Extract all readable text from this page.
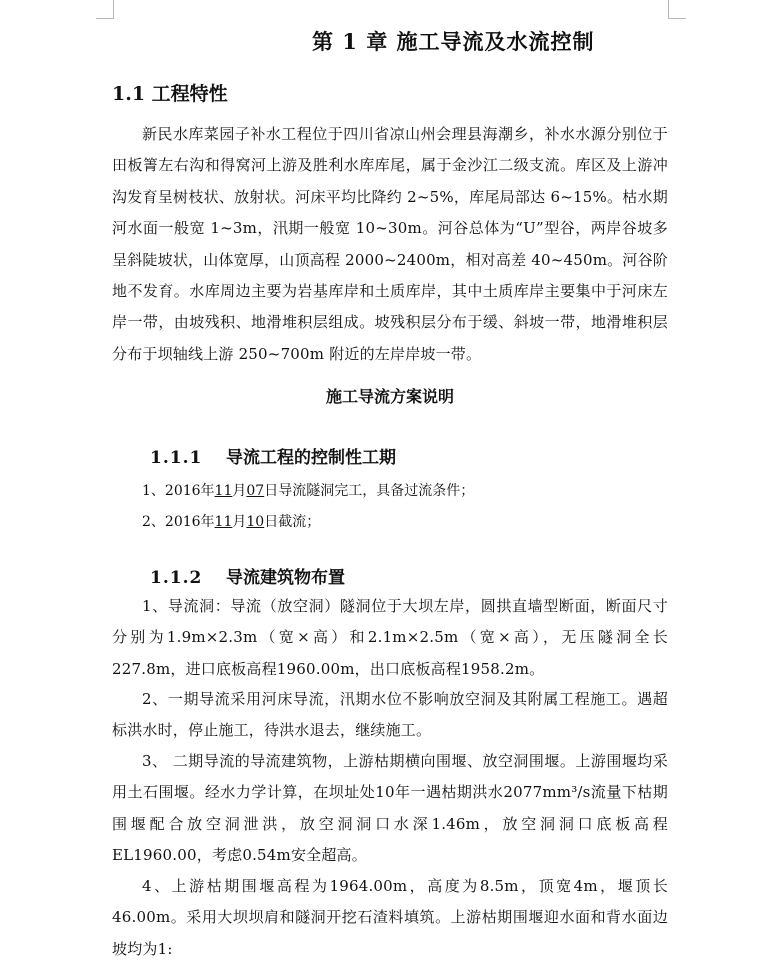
第 1 章 施工导流及水流控制
1.1 工程特性

新民水库菜园子补水工程位于四川省凉山州会理县海潮乡，补水水源分别位于田板箐左右沟和得窝河上游及胜利水库库尾，属于金沙江二级支流。库区及上游冲沟发育呈树枝状、放射状。河床平均比降约 2~5%，库尾局部达 6~15%。枯水期河水面一般宽 1~3m，汛期一般宽 10~30m。河谷总体为“U”型谷，两岸谷坡多呈斜陡坡状，山体宽厚，山顶高程 2000~2400m，相对高差 40~450m。河谷阶地不发育。水库周边主要为岩基库岸和土质库岸，其中土质库岸主要集中于河床左岸一带，由坡残积、地滑堆积层组成。坡残积层分布于缓、斜坡一带，地滑堆积层分布于坝轴线上游 250~700m 附近的左岸岸坡一带。

施工导流方案说明
1.1.1 导流工程的控制性工期

1、2016年11月07日导流隧洞完工，具备过流条件；

2、2016年11月10日截流；

1.1.2 导流建筑物布置

1、导流洞：导流（放空洞）隧洞位于大坝左岸，圆拱直墙型断面，断面尺寸分别为1.9m×2.3m（宽×高）和2.1m×2.5m（宽×高），无压隧洞全长227.8m，进口底板高程1960.00m，出口底板高程1958.2m。

2、一期导流采用河床导流，汛期水位不影响放空洞及其附属工程施工。遇超标洪水时，停止施工，待洪水退去，继续施工。

3、 二期导流的导流建筑物，上游枯期横向围堰、放空洞围堰。上游围堰均采用土石围堰。经水力学计算，在坝址处10年一遇枯期洪水2077mm³/s流量下枯期围堰配合放空洞泄洪，放空洞洞口水深1.46m，放空洞洞口底板高程EL1960.00，考虑0.54m安全超高。

4、上游枯期围堰高程为1964.00m，高度为8.5m，顶宽4m，堰顶长46.00m。采用大坝坝肩和隧洞开挖石渣料填筑。上游枯期围堰迎水面和背水面边坡均为1:
